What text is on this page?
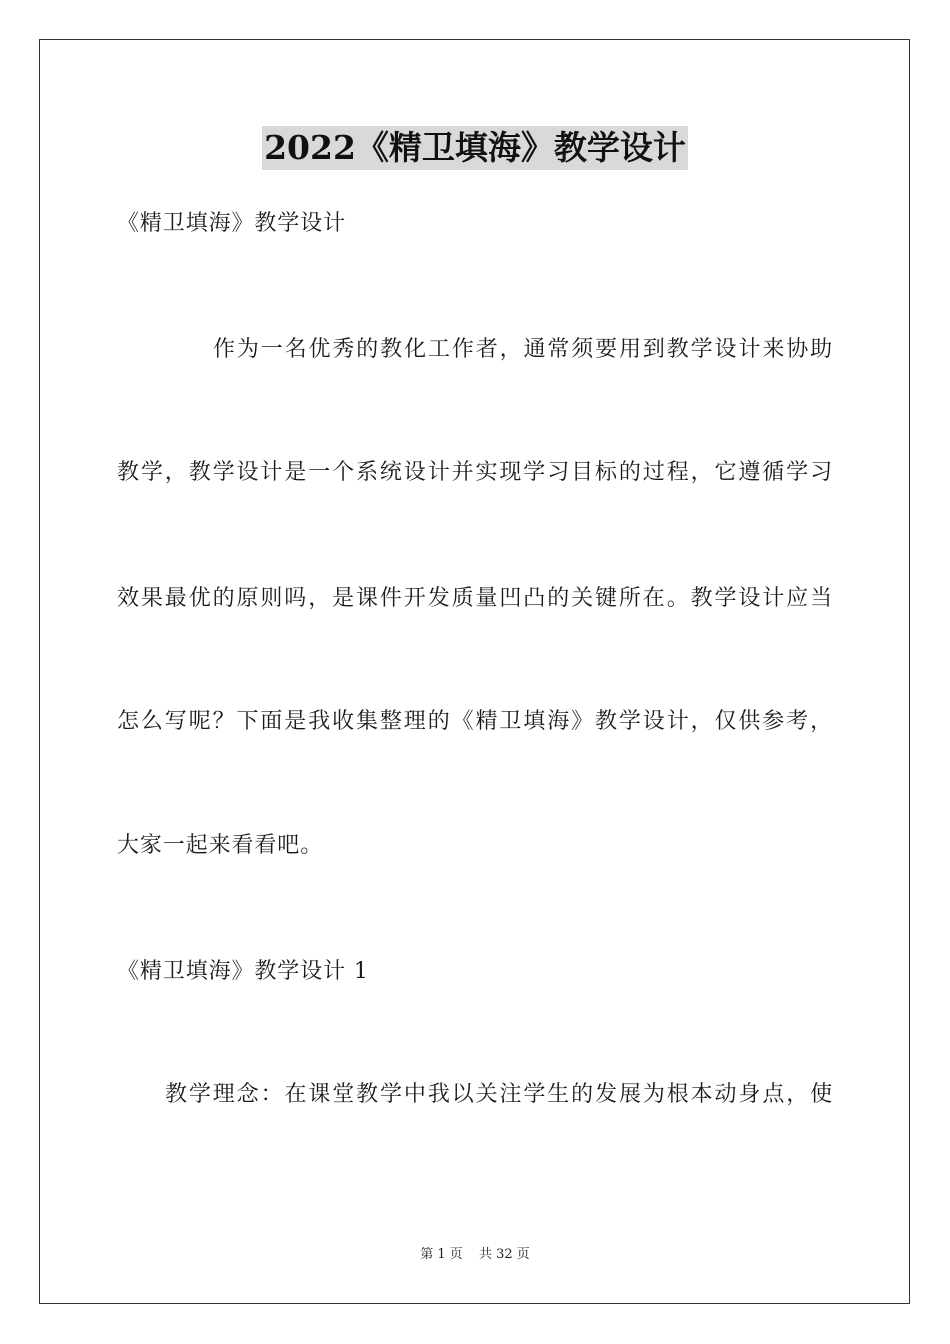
2022《精卫填海》教学设计
《精卫填海》教学设计
作为一名优秀的教化工作者，通常须要用到教学设计来协助
教学，教学设计是一个系统设计并实现学习目标的过程，它遵循学习
效果最优的原则吗，是课件开发质量凹凸的关键所在。教学设计应当
怎么写呢？下面是我收集整理的《精卫填海》教学设计，仅供参考，
大家一起来看看吧。
《精卫填海》教学设计 1
教学理念：在课堂教学中我以关注学生的发展为根本动身点，使
第 1 页 共 32 页
